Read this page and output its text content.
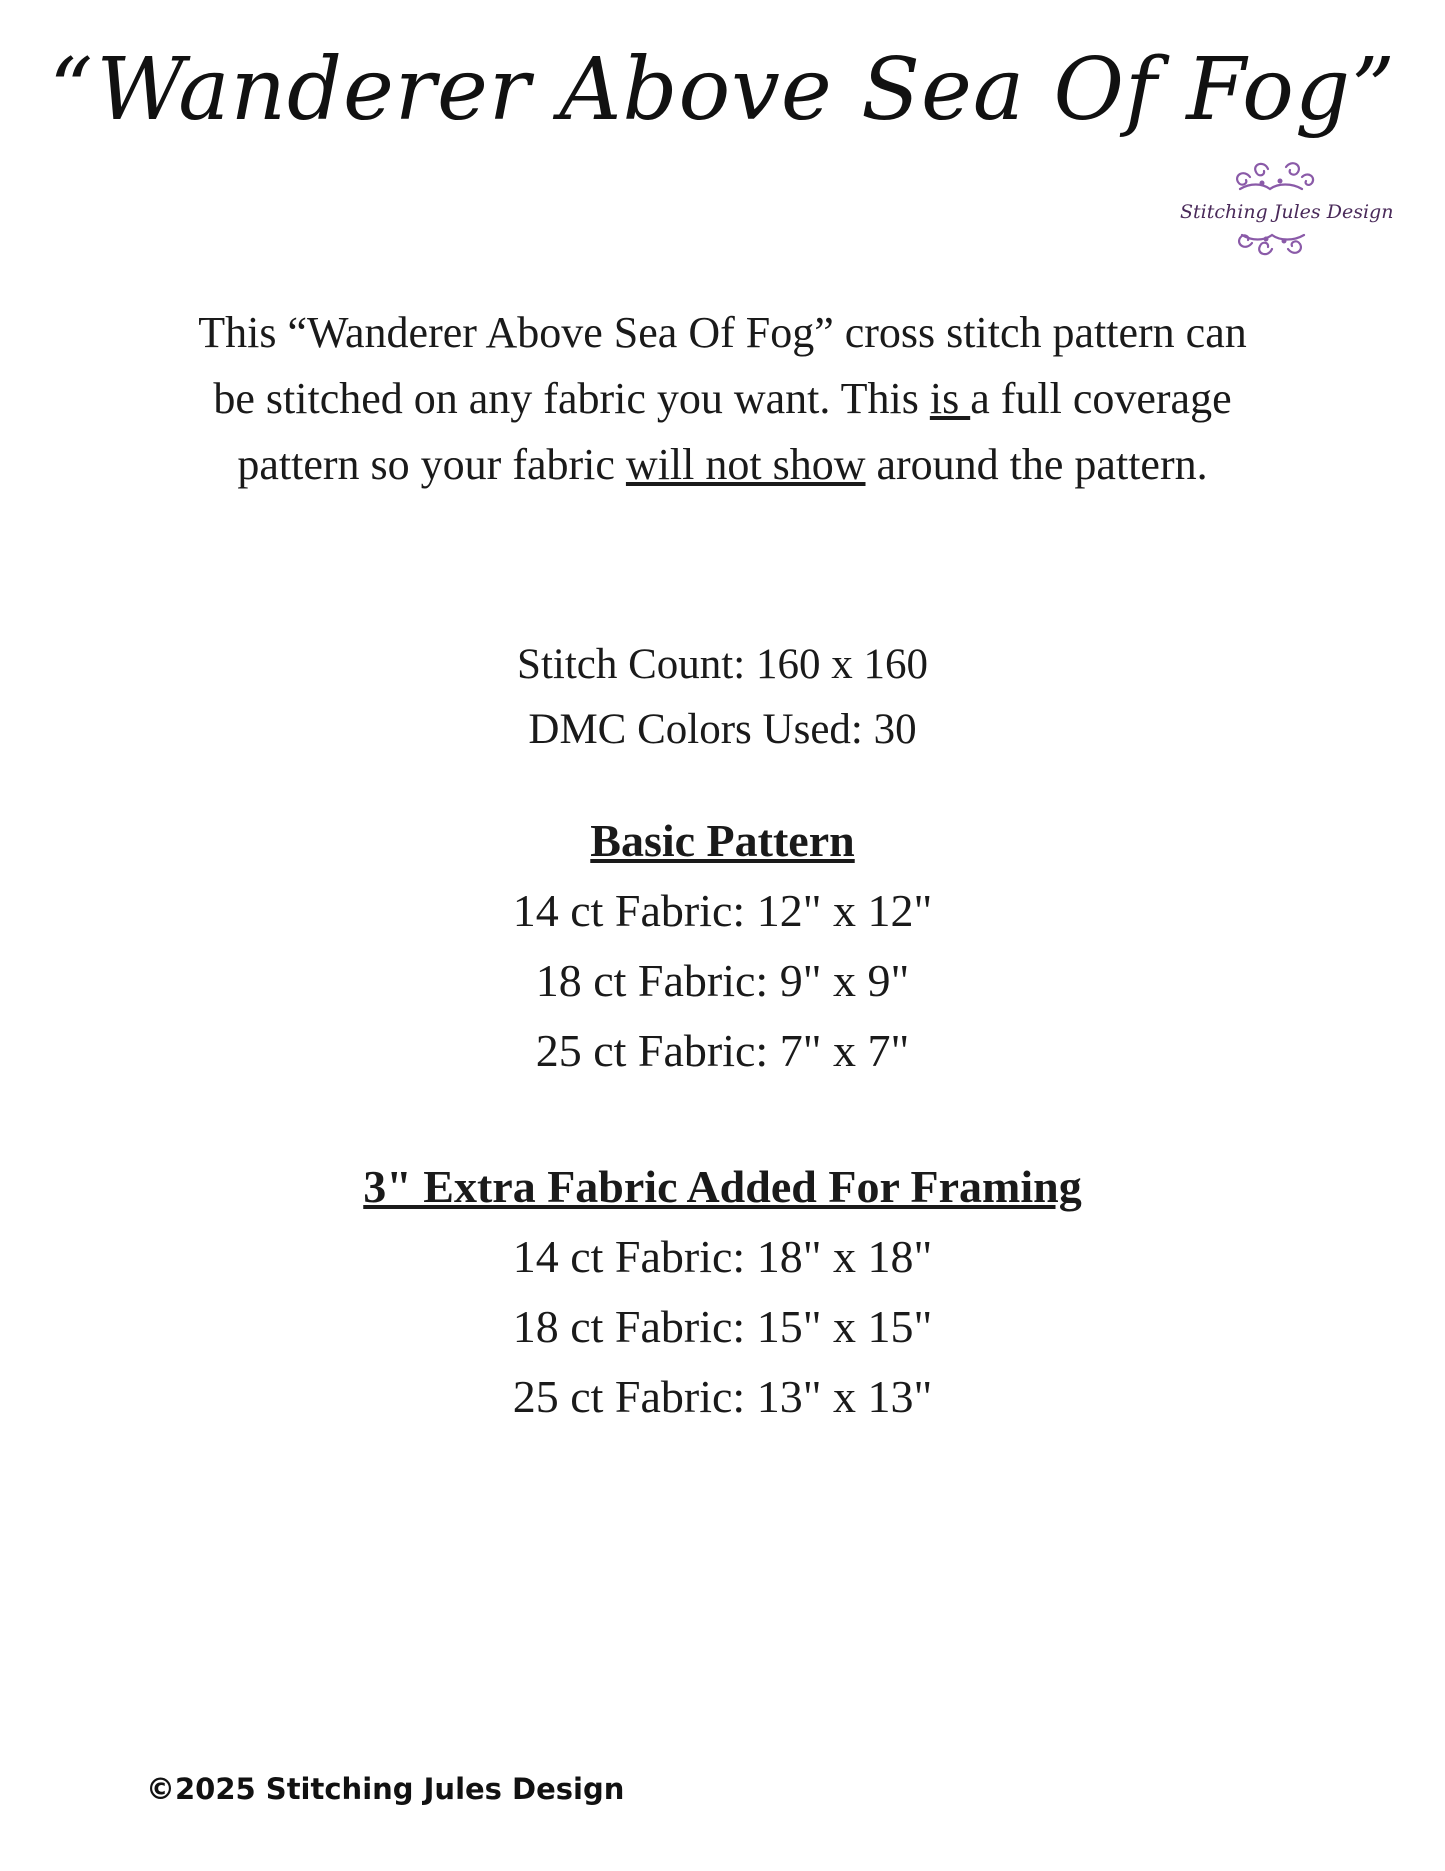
“Wanderer Above Sea Of Fog”
Stitching Jules Design
This “Wanderer Above Sea Of Fog” cross stitch pattern can be stitched on any fabric you want. This is a full coverage pattern so your fabric will not show around the pattern.
Stitch Count: 160 x 160
DMC Colors Used: 30
Basic Pattern
14 ct Fabric: 12" x 12"
18 ct Fabric: 9" x 9"
25 ct Fabric: 7" x 7"
3" Extra Fabric Added For Framing
14 ct Fabric: 18" x 18"
18 ct Fabric: 15" x 15"
25 ct Fabric: 13" x 13"
©2025 Stitching Jules Design
